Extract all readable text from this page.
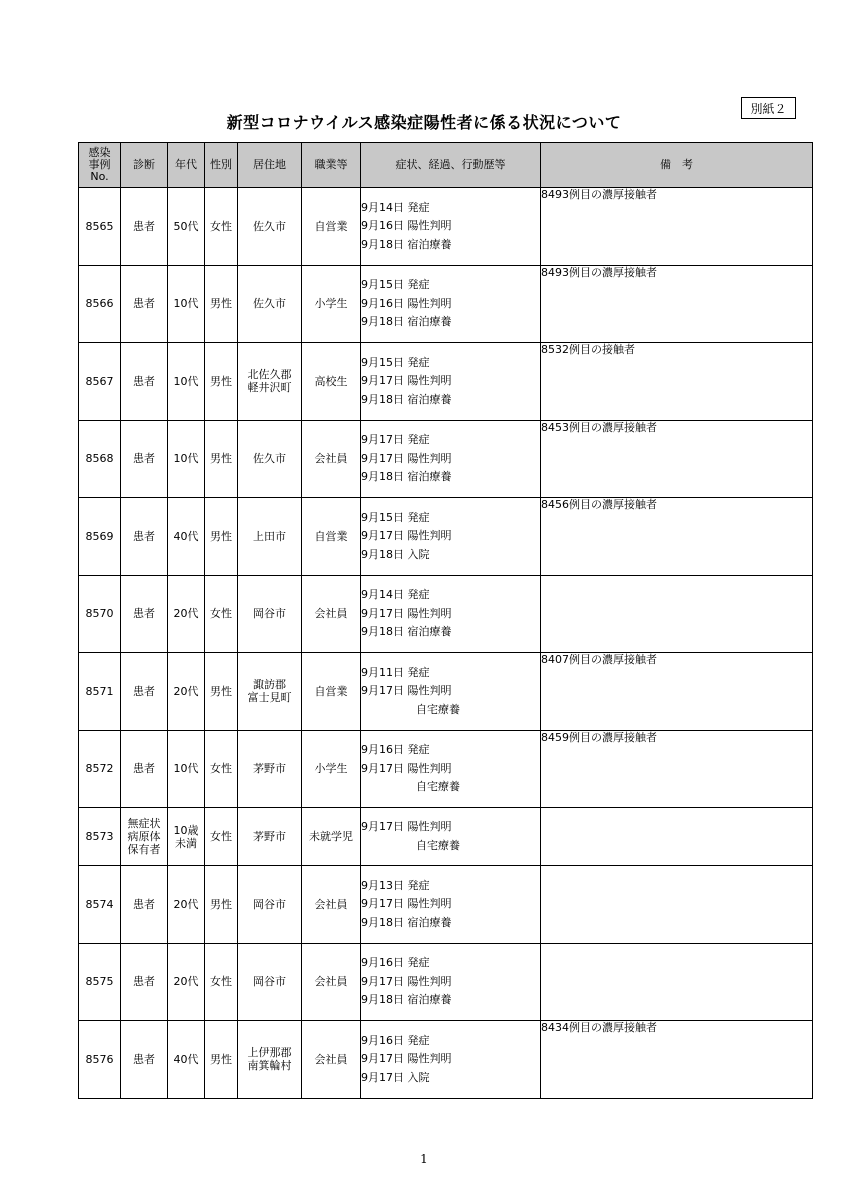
別紙２
新型コロナウイルス感染症陽性者に係る状況について
感染
事例
No.	診断	年代	性別	居住地	職業等	症状、経過、行動歴等	備　考
8565	患者	50代	女性	佐久市	自営業	9月14日 発症
9月16日 陽性判明
9月18日 宿泊療養	8493例目の濃厚接触者
8566	患者	10代	男性	佐久市	小学生	9月15日 発症
9月16日 陽性判明
9月18日 宿泊療養	8493例目の濃厚接触者
8567	患者	10代	男性	北佐久郡
軽井沢町	高校生	9月15日 発症
9月17日 陽性判明
9月18日 宿泊療養	8532例目の接触者
8568	患者	10代	男性	佐久市	会社員	9月17日 発症
9月17日 陽性判明
9月18日 宿泊療養	8453例目の濃厚接触者
8569	患者	40代	男性	上田市	自営業	9月15日 発症
9月17日 陽性判明
9月18日 入院	8456例目の濃厚接触者
8570	患者	20代	女性	岡谷市	会社員	9月14日 発症
9月17日 陽性判明
9月18日 宿泊療養	

8571	患者	20代	男性	諏訪郡
富士見町	自営業	9月11日 発症
9月17日 陽性判明
　　　　　自宅療養	8407例目の濃厚接触者
8572	患者	10代	女性	茅野市	小学生	9月16日 発症
9月17日 陽性判明
　　　　　自宅療養	8459例目の濃厚接触者
8573	無症状
病原体
保有者	10歳
未満	女性	茅野市	未就学児	9月17日 陽性判明
　　　　　自宅療養	

8574	患者	20代	男性	岡谷市	会社員	9月13日 発症
9月17日 陽性判明
9月18日 宿泊療養	

8575	患者	20代	女性	岡谷市	会社員	9月16日 発症
9月17日 陽性判明
9月18日 宿泊療養	

8576	患者	40代	男性	上伊那郡
南箕輪村	会社員	9月16日 発症
9月17日 陽性判明
9月17日 入院	8434例目の濃厚接触者
1
